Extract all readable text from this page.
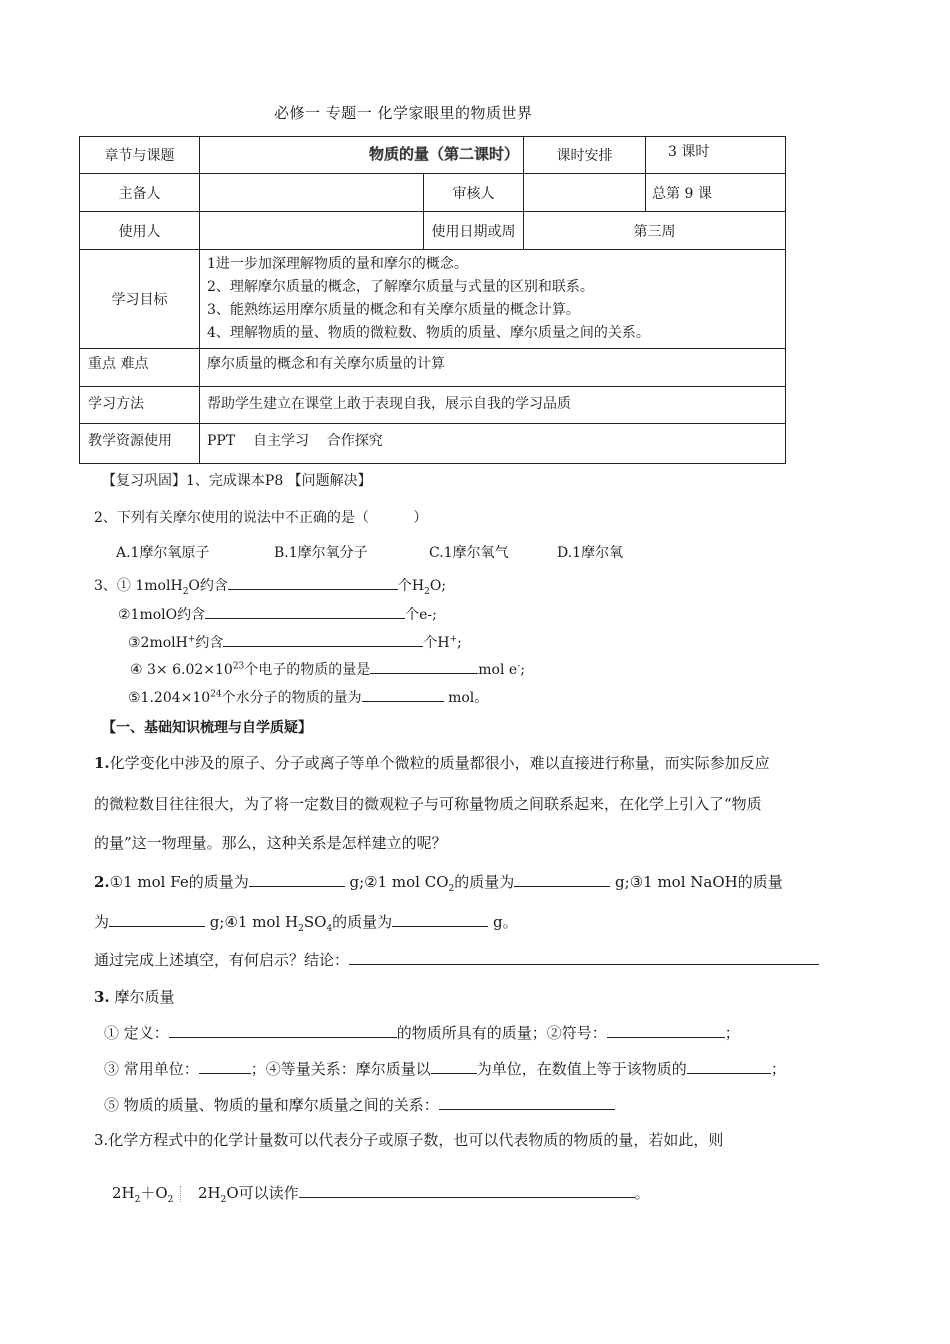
必修一 专题一 化学家眼里的物质世界
章节与课题	物质的量（第二课时）		课时安排	3 课时
主备人		审核人		总第 9 课
使用人		使用日期或周	第三周	
学习目标	1进一步加深理解物质的量和摩尔的概念。
2、理解摩尔质量的概念，了解摩尔质量与式量的区别和联系。
3、能熟练运用摩尔质量的概念和有关摩尔质量的概念计算。
4、理解物质的量、物质的微粒数、物质的质量、摩尔质量之间的关系。			

重点 难点	摩尔质量的概念和有关摩尔质量的计算			
学习方法	帮助学生建立在课堂上敢于表现自我，展示自我的学习品质			
教学资源使用	PPT    自主学习    合作探究			
【复习巩固】1、完成课本P8 【问题解决】
2、下列有关摩尔使用的说法中不正确的是（          ）
A.1摩尔氧原子	B.1摩尔氧分子	C.1摩尔氧气	D.1摩尔氧
3、① 1molH$_2$O约含	个$H_2O$;
②1molO约含	个e-;
③2molH+约含	个H+;
④ $3\times 6.02\times 10^{23}$个电子的物质的量是	mol e-;
$⑤1.204\times 10^{24}$个水分子的物质的量为	mol。
【一、基础知识梳理与自学质疑】
1.化学变化中涉及的原子、分子或离子等单个微粒的质量都很小，难以直接进行称量，而实际参加反应
的微粒数目往往很大，为了将一定数目的微观粒子与可称量物质之间联系起来，在化学上引入了“物质
的量”这一物理量。那么，这种关系是怎样建立的呢？
2.①1 mol Fe的质量为	g;②1 mol $CO_2$的质量为	g;③1 mol NaOH的质量
为	g;④1 mol $H_2SO_4$的质量为	g。
通过完成上述填空，有何启示？结论：
3. 摩尔质量
① 定义：	的物质所具有的质量；②符号：	；
③ 常用单位：	；④等量关系：摩尔质量以	为单位，在数值上等于该物质的	；
⑤ 物质的质量、物质的量和摩尔质量之间的关系：
3.化学方程式中的化学计量数可以代表分子或原子数，也可以代表物质的物质的量，若如此，则
$2H_2+O_2$ $2H_2O$可以读作	。
